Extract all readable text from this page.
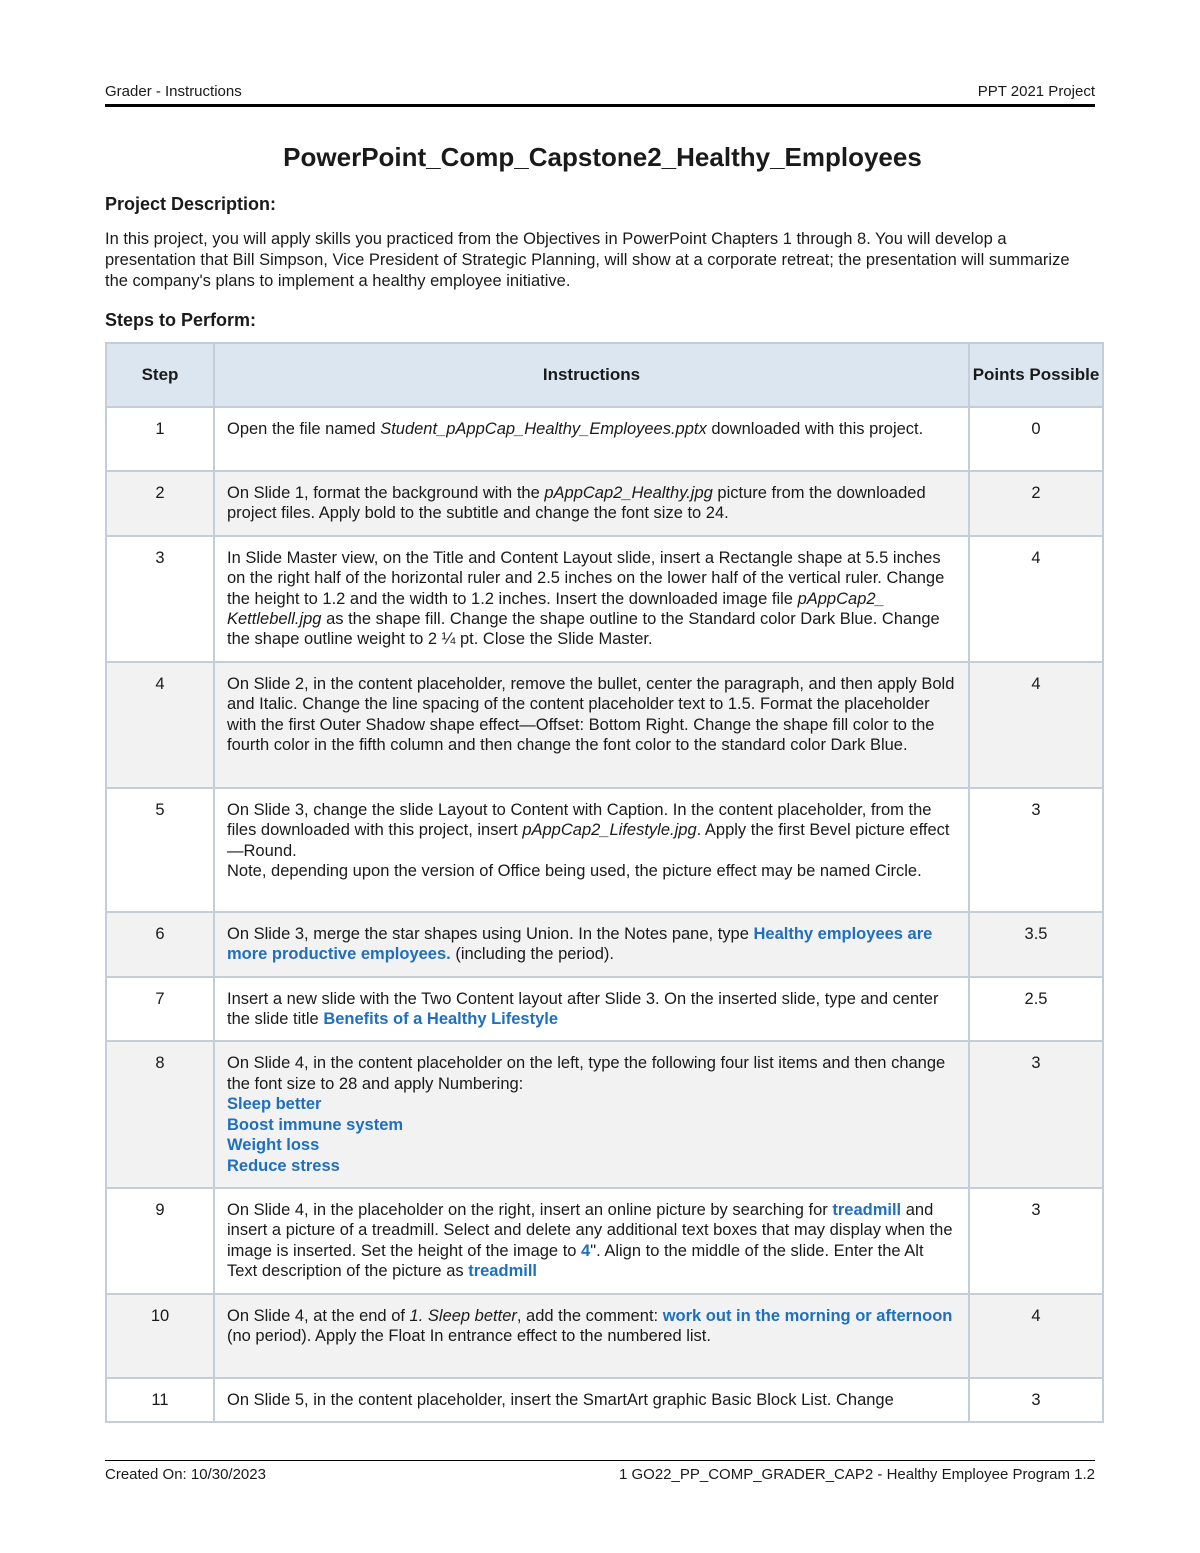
Grader - Instructions	PPT 2021 Project
PowerPoint_Comp_Capstone2_Healthy_Employees
Project Description:
In this project, you will apply skills you practiced from the Objectives in PowerPoint Chapters 1 through 8. You will develop a presentation that Bill Simpson, Vice President of Strategic Planning, will show at a corporate retreat; the presentation will summarize the company's plans to implement a healthy employee initiative.
Steps to Perform:
Step	Instructions	Points Possible
1	Open the file named Student_pAppCap_Healthy_Employees.pptx downloaded with this project.	0
2	On Slide 1, format the background with the pAppCap2_Healthy.jpg picture from the downloaded project files. Apply bold to the subtitle and change the font size to 24.	2
3	In Slide Master view, on the Title and Content Layout slide, insert a Rectangle shape at 5.5 inches on the right half of the horizontal ruler and 2.5 inches on the lower half of the vertical ruler. Change the height to 1.2 and the width to 1.2 inches. Insert the downloaded image file pAppCap2_ Kettlebell.jpg as the shape fill. Change the shape outline to the Standard color Dark Blue. Change the shape outline weight to 2 ¼ pt. Close the Slide Master.	4
4	On Slide 2, in the content placeholder, remove the bullet, center the paragraph, and then apply Bold and Italic. Change the line spacing of the content placeholder text to 1.5. Format the placeholder with the first Outer Shadow shape effect—Offset: Bottom Right. Change the shape fill color to the fourth color in the fifth column and then change the font color to the standard color Dark Blue.	4
5	On Slide 3, change the slide Layout to Content with Caption. In the content placeholder, from the files downloaded with this project, insert pAppCap2_Lifestyle.jpg. Apply the first Bevel picture effect—Round.
Note, depending upon the version of Office being used, the picture effect may be named Circle.	3
6	On Slide 3, merge the star shapes using Union. In the Notes pane, type Healthy employees are more productive employees. (including the period).	3.5
7	Insert a new slide with the Two Content layout after Slide 3. On the inserted slide, type and center the slide title Benefits of a Healthy Lifestyle	2.5
8	On Slide 4, in the content placeholder on the left, type the following four list items and then change the font size to 28 and apply Numbering:
Sleep better
Boost immune system
Weight loss
Reduce stress	3
9	On Slide 4, in the placeholder on the right, insert an online picture by searching for treadmill and insert a picture of a treadmill. Select and delete any additional text boxes that may display when the image is inserted. Set the height of the image to 4". Align to the middle of the slide. Enter the Alt Text description of the picture as treadmill	3
10	On Slide 4, at the end of 1. Sleep better, add the comment: work out in the morning or afternoon (no period). Apply the Float In entrance effect to the numbered list.	4
11	On Slide 5, in the content placeholder, insert the SmartArt graphic Basic Block List. Change	3
Created On: 10/30/2023	1 GO22_PP_COMP_GRADER_CAP2 - Healthy Employee Program 1.2
